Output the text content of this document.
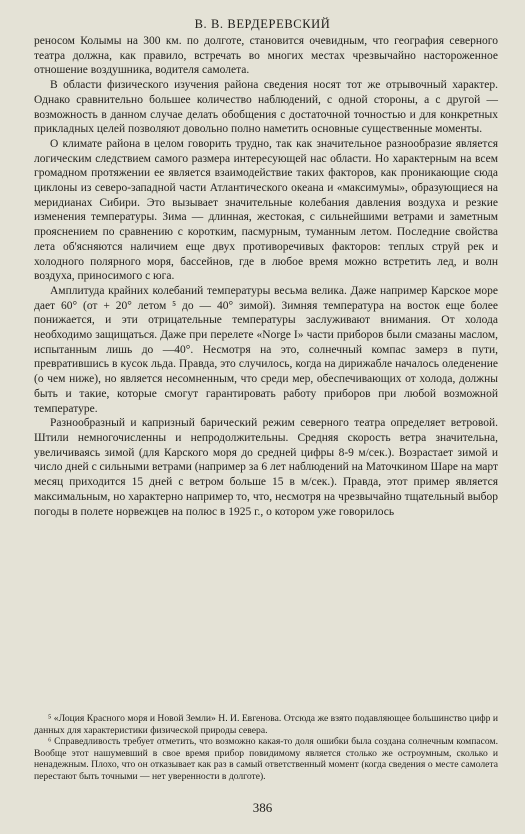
В. В. ВЕРДЕРЕВСКИЙ

реносом Колымы на 300 км. по долготе, становится очевидным, что география северного театра должна, как правило, встречать во многих местах чрезвычайно настороженное отношение воздушника, водителя самолета.

В области физического изучения района сведения носят тот же отрывочный характер. Однако сравнительно большее количество наблюдений, с одной стороны, а с другой — возможность в данном случае делать обобщения с достаточной точностью и для конкретных прикладных целей позволяют довольно полно наметить основные существенные моменты.

О климате района в целом говорить трудно, так как значительное разнообразие является логическим следствием самого размера интересующей нас области. Но характерным на всем громадном протяжении ее является взаимодействие таких факторов, как проникающие сюда циклоны из северо-западной части Атлантического океана и «максимумы», образующиеся на меридианах Сибири. Это вызывает значительные колебания давления воздуха и резкие изменения температуры. Зима — длинная, жестокая, с сильнейшими ветрами и заметным прояснением по сравнению с коротким, пасмурным, туманным летом. Последние свойства лета об'ясняются наличием еще двух противоречивых факторов: теплых струй рек и холодного полярного моря, бассейнов, где в любое время можно встретить лед, и волн воздуха, приносимого с юга.

Амплитуда крайних колебаний температуры весьма велика. Даже например Карское море дает 60° (от + 20° летом ⁵ до — 40° зимой). Зимняя температура на восток еще более понижается, и эти отрицательные температуры заслуживают внимания. От холода необходимо защищаться. Даже при перелете «Norge I» части приборов были смазаны маслом, испытанным лишь до —40°. Несмотря на это, солнечный компас замерз в пути, превратившись в кусок льда. Правда, это случилось, когда на дирижабле началось оледенение (о чем ниже), но является несомненным, что среди мер, обеспечивающих от холода, должны быть и такие, которые смогут гарантировать работу приборов при любой возможной температуре.

Разнообразный и капризный барический режим северного театра определяет ветровой. Штили немногочисленны и непродолжительны. Средняя скорость ветра значительна, увеличиваясь зимой (для Карского моря до средней цифры 8-9 м/сек.). Возрастает зимой и число дней с сильными ветрами (например за 6 лет наблюдений на Маточкином Шаре на март месяц приходится 15 дней с ветром больше 15 в м/сек.). Правда, этот пример является максимальным, но характерно например то, что, несмотря на чрезвычайно тщательный выбор погоды в полете норвежцев на полюс в 1925 г., о котором уже говорилось

⁵ «Лоция Красного моря и Новой Земли» Н. И. Евгенова. Отсюда же взято подавляющее большинство цифр и данных для характеристики физической природы севера.

⁶ Справедливость требует отметить, что возможно какая-то доля ошибки была создана солнечным компасом. Вообще этот нашумевший в свое время прибор повидимому является столько же остроумным, сколько и ненадежным. Плохо, что он отказывает как раз в самый ответственный момент (когда сведения о месте самолета перестают быть точными — нет уверенности в долготе).

386
